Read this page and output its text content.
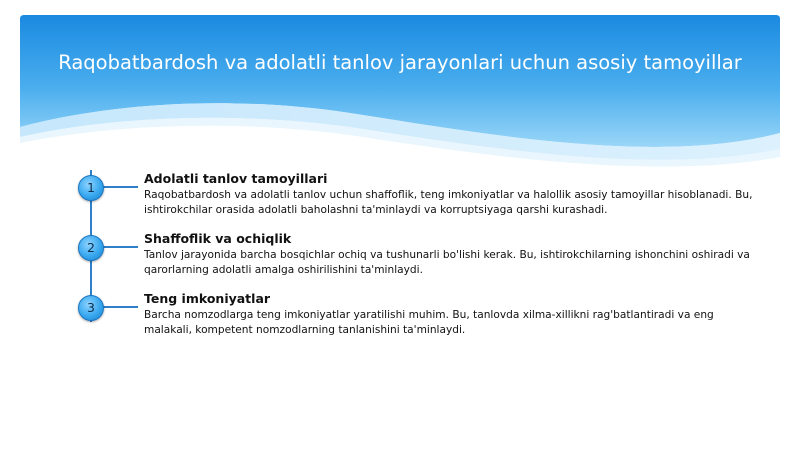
Raqobatbardosh va adolatli tanlov jarayonlari uchun asosiy tamoyillar
1
2
3
Adolatli tanlov tamoyillari
Raqobatbardosh va adolatli tanlov uchun shaffoflik, teng imkoniyatlar va halollik asosiy tamoyillar hisoblanadi. Bu, ishtirokchilar orasida adolatli baholashni ta'minlaydi va korruptsiyaga qarshi kurashadi.
Shaffoflik va ochiqlik
Tanlov jarayonida barcha bosqichlar ochiq va tushunarli bo'lishi kerak. Bu, ishtirokchilarning ishonchini oshiradi va qarorlarning adolatli amalga oshirilishini ta'minlaydi.
Teng imkoniyatlar
Barcha nomzodlarga teng imkoniyatlar yaratilishi muhim. Bu, tanlovda xilma-xillikni rag'batlantiradi va eng malakali, kompetent nomzodlarning tanlanishini ta'minlaydi.
